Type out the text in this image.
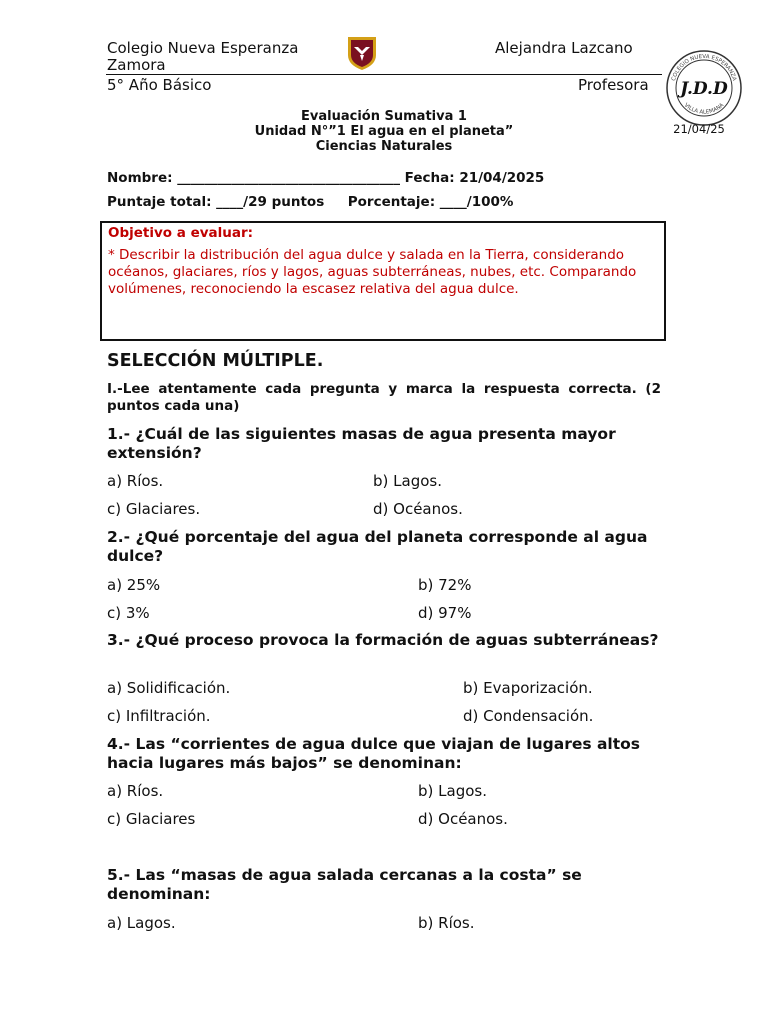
Colegio Nueva Esperanza
Zamora
Alejandra Lazcano
5° Año Básico	Profesora	COLEGIO NUEVA ESPERANZA
VILLA ALEMANA
J.D.D
21/04/25
Evaluación Sumativa 1
Unidad N°”1 El agua en el planeta”
Ciencias Naturales
Nombre: _________________________________ Fecha: 21/04/2025
Puntaje total: ____/29 puntos     Porcentaje: ____/100%
Objetivo a evaluar:
* Describir la distribución del agua dulce y salada en la Tierra, considerando océanos, glaciares, ríos y lagos, aguas subterráneas, nubes, etc. Comparando volúmenes, reconociendo la escasez relativa del agua dulce.
SELECCIÓN MÚLTIPLE.
I.-Lee atentamente cada pregunta y marca la respuesta correcta. (2 puntos cada una)
1.- ¿Cuál de las siguientes masas de agua presenta mayor extensión?
a) Ríos.	b) Lagos.
c) Glaciares.	d) Océanos.
2.- ¿Qué porcentaje del agua del planeta corresponde al agua dulce?
a) 25%	b) 72%
c) 3%	d) 97%
3.- ¿Qué proceso provoca la formación de aguas subterráneas?
a) Solidificación.	b) Evaporización.
c) Infiltración.	d) Condensación.
4.- Las “corrientes de agua dulce que viajan de lugares altos hacia lugares más bajos” se denominan:
a) Ríos.	b) Lagos.
c) Glaciares	d) Océanos.
5.- Las “masas de agua salada cercanas a la costa” se denominan:
a) Lagos.	b) Ríos.
